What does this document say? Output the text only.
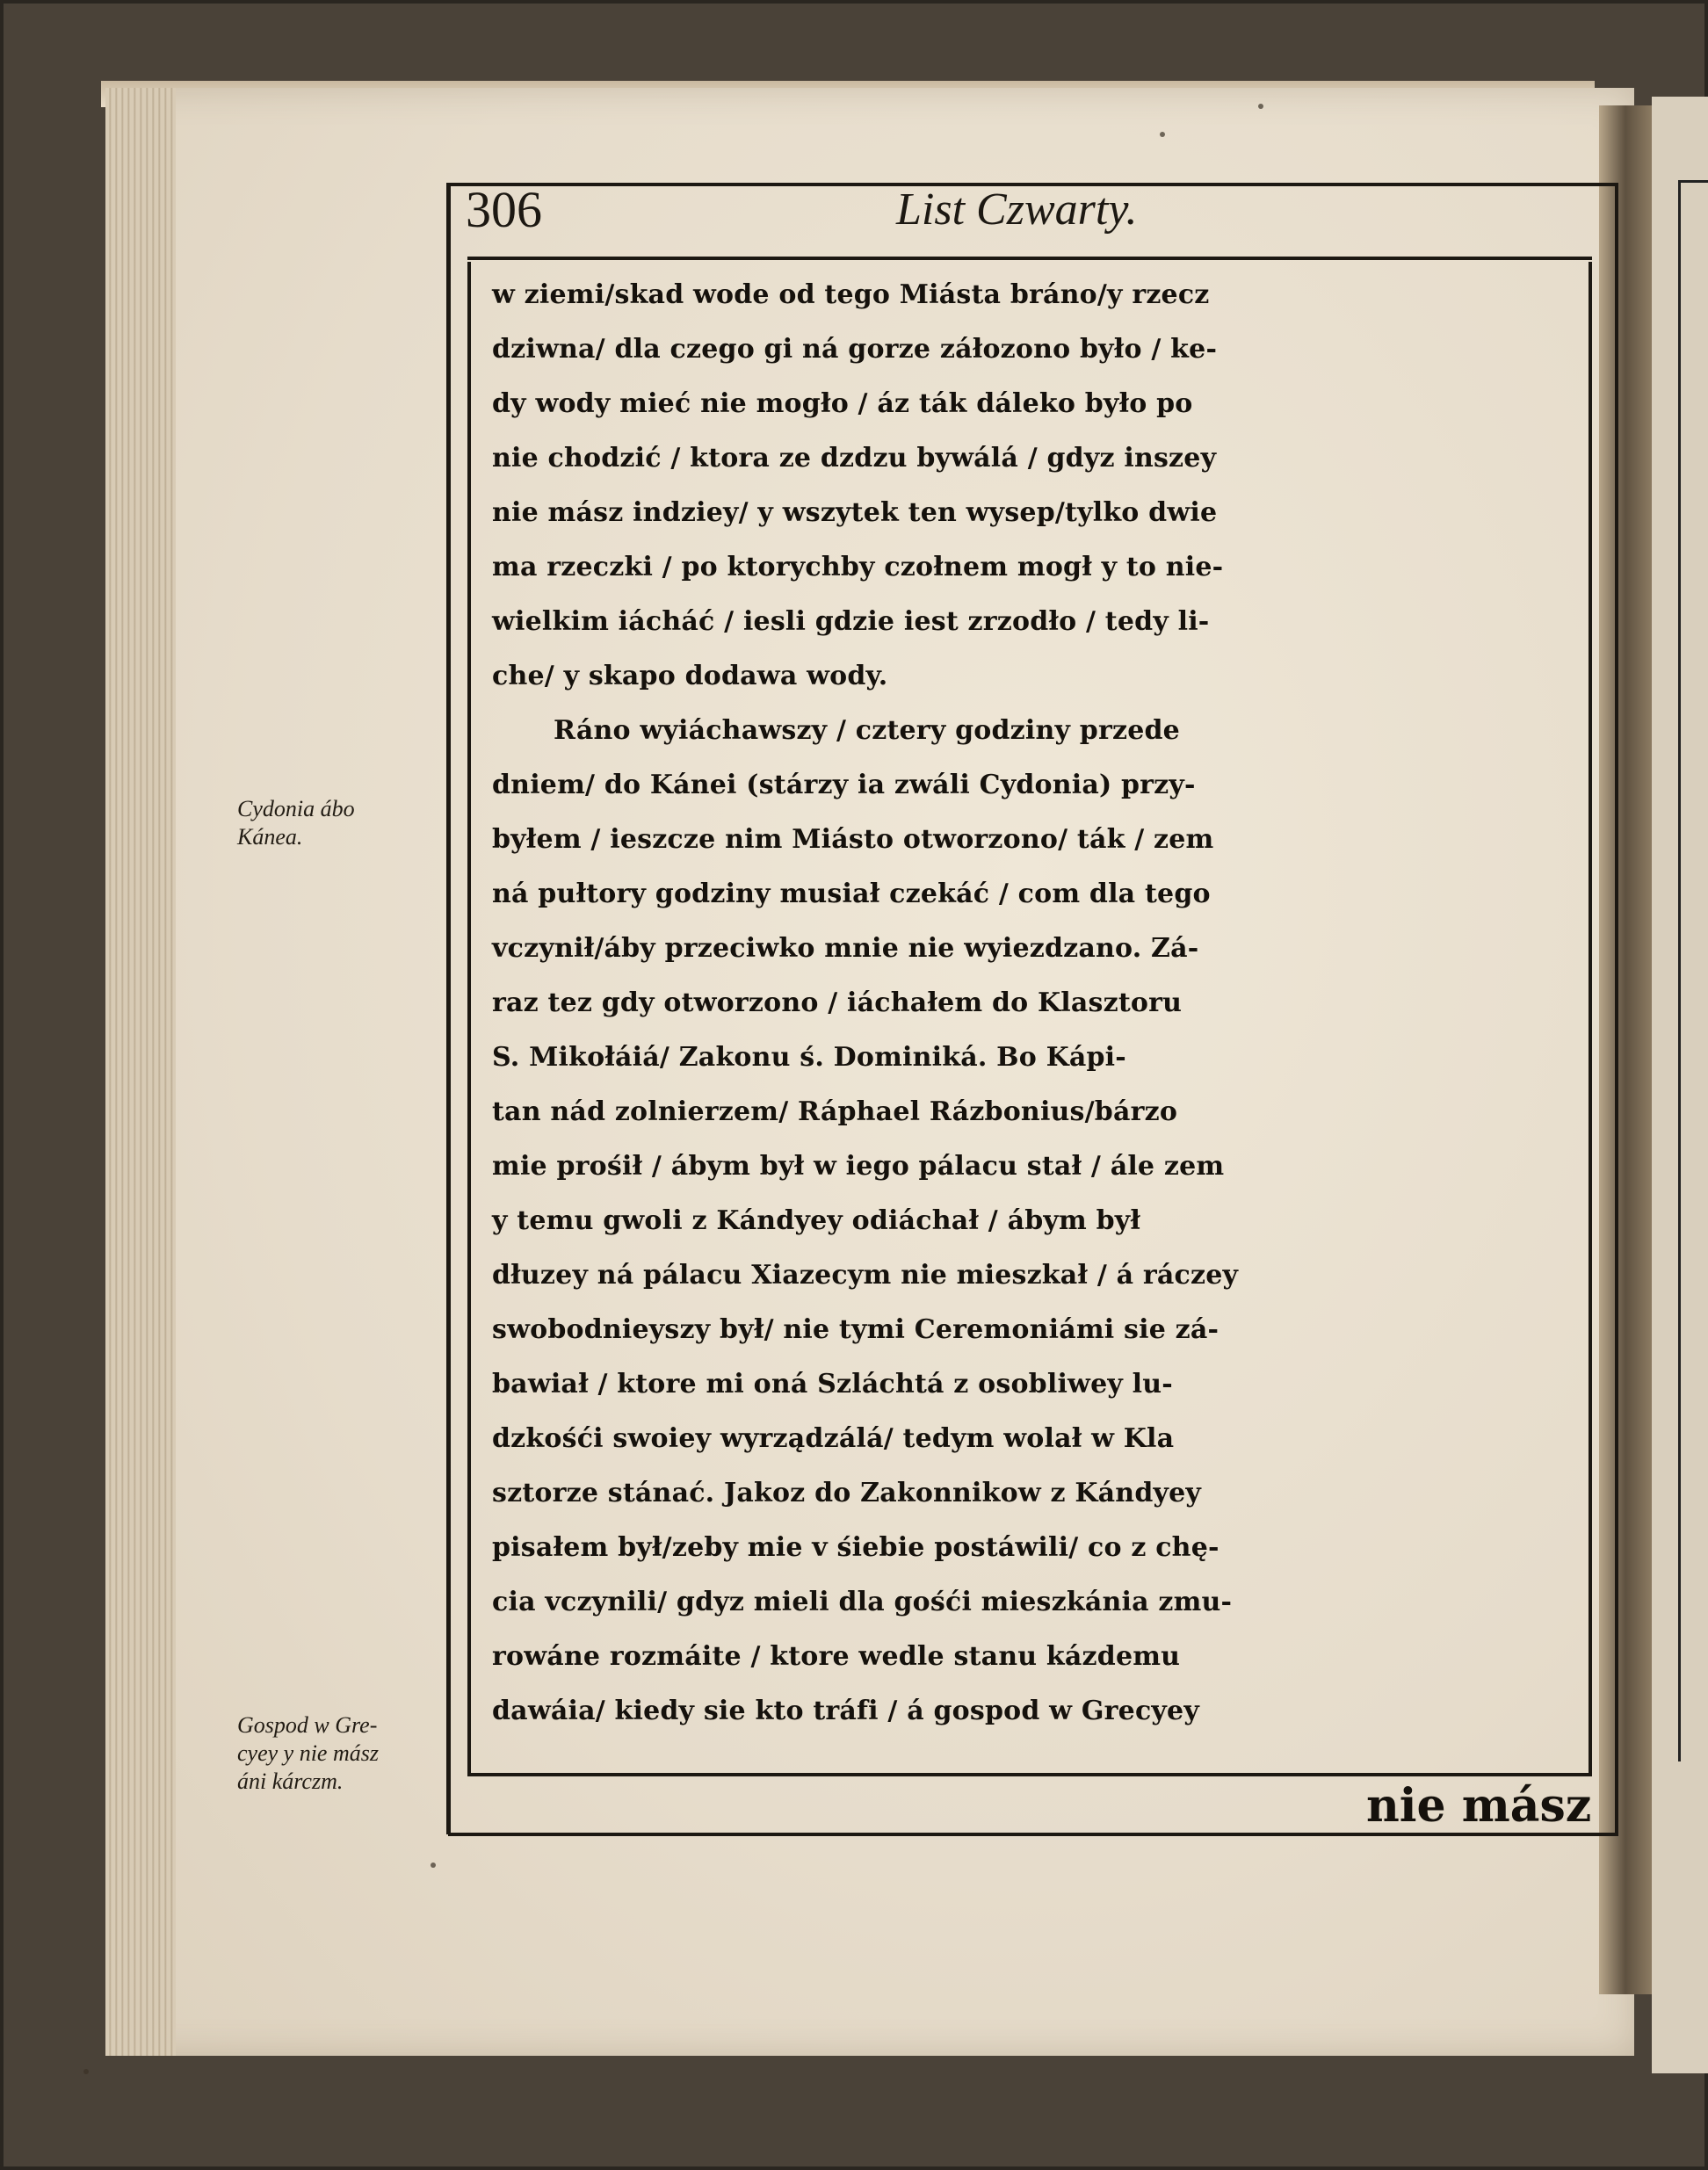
306	List Czwarty.
w ziemi/skad wode od tego Miásta bráno/y rzecz
dziwna/ dla czego gi ná gorze záłozono było / ke-
dy wody mieć nie mogło / áz ták dáleko było po
nie chodzić / ktora ze dzdzu bywálá / gdyz inszey
nie mász indziey/ y wszytek ten wysep/tylko dwie
ma rzeczki / po ktorychby czołnem mogł y to nie-
wielkim iácháć / iesli gdzie iest zrzodło / tedy li-
che/ y skapo dodawa wody.
Ráno wyiáchawszy / cztery godziny przede
dniem/ do Kánei (stárzy ia zwáli Cydonia) przy-
byłem / ieszcze nim Miásto otworzono/ ták / zem
ná pułtory godziny musiał czekáć / com dla tego
vczynił/áby przeciwko mnie nie wyiezdzano. Zá-
raz tez gdy otworzono / iáchałem do Klasztoru
S. Mikołáiá/ Zakonu ś. Dominiká. Bo Kápi-
tan nád zolnierzem/ Ráphael Rázbonius/bárzo
mie prośił / ábym był w iego pálacu stał / ále zem
y temu gwoli z Kándyey odiáchał / ábym był
dłuzey ná pálacu Xiazecym nie mieszkał / á ráczey
swobodnieyszy był/ nie tymi Ceremoniámi sie zá-
bawiał / ktore mi oná Szláchtá z osobliwey lu-
dzkośći swoiey wyrządzálá/ tedym wolał w Kla
sztorze stánać. Jakoz do Zakonnikow z Kándyey
pisałem był/zeby mie v śiebie postáwili/ co z chę-
cia vczynili/ gdyz mieli dla gośći mieszkánia zmu-
rowáne rozmáite / ktore wedle stanu kázdemu
dawáia/ kiedy sie kto tráfi / á gospod w Grecyey
Cydonia ábo
Kánea.
Gospod w Gre-
cyey y nie mász
áni kárczm.	nie mász
